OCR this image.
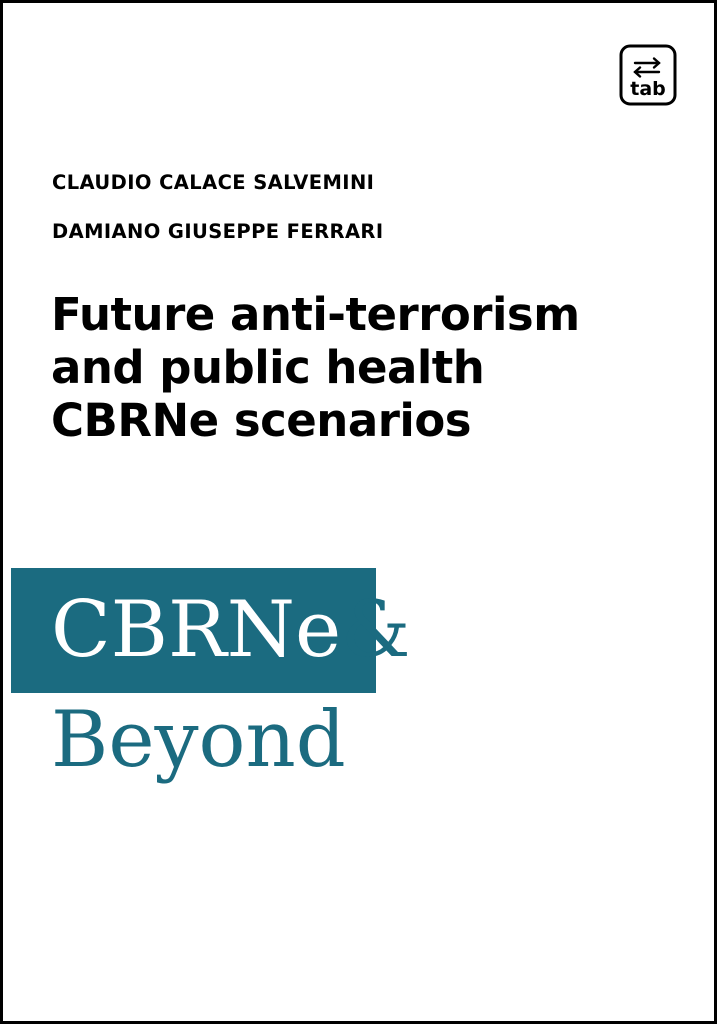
tab
CLAUDIO CALACE SALVEMINI
DAMIANO GIUSEPPE FERRARI
Future anti-terrorism
and public health
CBRNe scenarios
CBRNe&
Beyond
